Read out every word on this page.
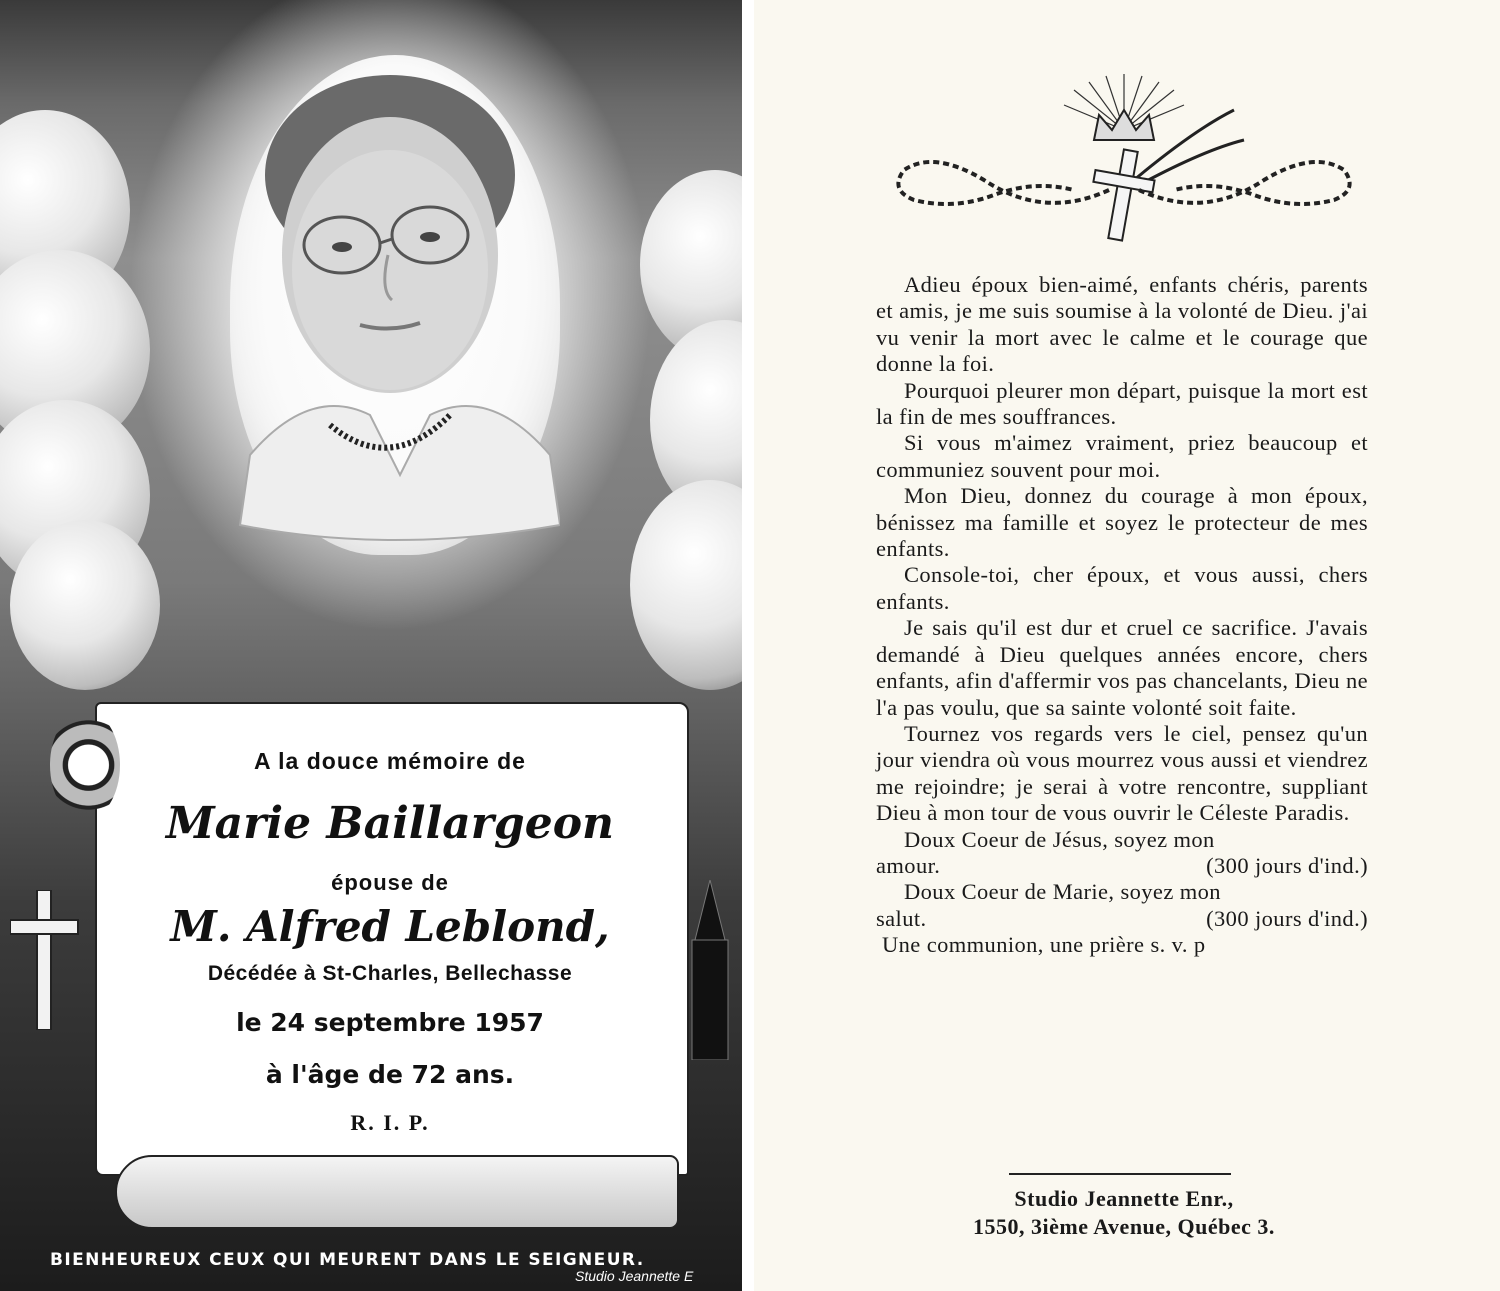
A la douce mémoire de
Marie Baillargeon
épouse de
M. Alfred Leblond,
Décédée à St-Charles, Bellechasse
le 24 septembre 1957
à l'âge de 72 ans.
R. I. P.
BIENHEUREUX CEUX QUI MEURENT DANS LE SEIGNEUR.
Studio Jeannette E

Adieu époux bien-aimé, enfants chéris, parents et amis, je me suis soumise à la volonté de Dieu. j'ai vu venir la mort avec le calme et le courage que donne la foi.

Pourquoi pleurer mon départ, puisque la mort est la fin de mes souffrances.

Si vous m'aimez vraiment, priez beaucoup et communiez souvent pour moi.

Mon Dieu, donnez du courage à mon époux, bénissez ma famille et soyez le protecteur de mes enfants.

Console-toi, cher époux, et vous aussi, chers enfants.

Je sais qu'il est dur et cruel ce sacrifice. J'avais demandé à Dieu quelques années encore, chers enfants, afin d'affermir vos pas chancelants, Dieu ne l'a pas voulu, que sa sainte volonté soit faite.

Tournez vos regards vers le ciel, pensez qu'un jour viendra où vous mourrez vous aussi et viendrez me rejoindre; je serai à votre rencontre, suppliant Dieu à mon tour de vous ouvrir le Céleste Paradis.

Doux Coeur de Jésus, soyez mon

amour.	(300 jours d'ind.)

Doux Coeur de Marie, soyez mon

salut.	(300 jours d'ind.)

Une communion, une prière s. v. p

Studio Jeannette Enr.,
1550, 3ième Avenue, Québec 3.
